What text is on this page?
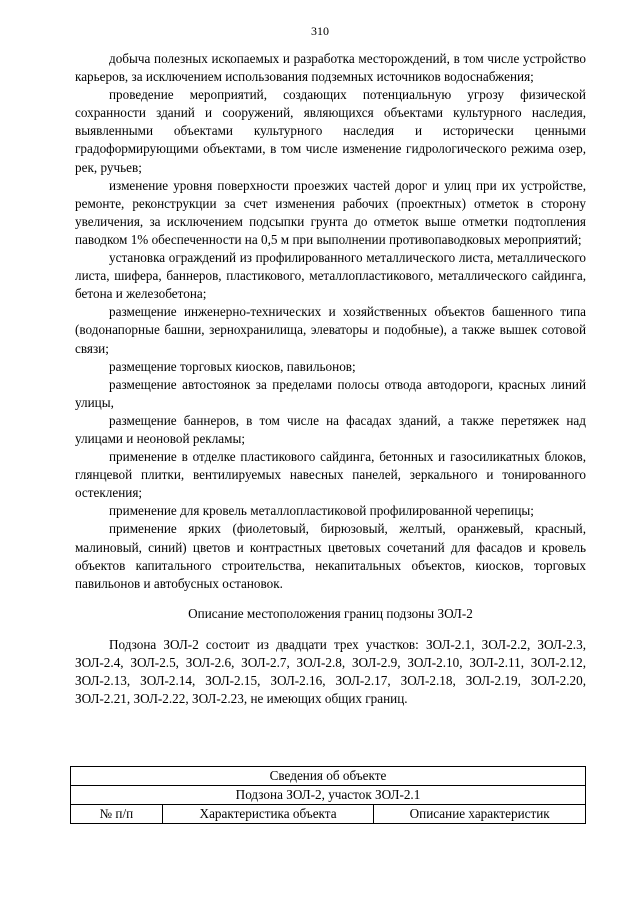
310

добыча полезных ископаемых и разработка месторождений, в том числе устройство карьеров, за исключением использования подземных источников водоснабжения;

проведение мероприятий, создающих потенциальную угрозу физической сохранности зданий и сооружений, являющихся объектами культурного наследия, выявленными объектами культурного наследия и исторически ценными градоформирующими объектами, в том числе изменение гидрологического режима озер, рек, ручьев;

изменение уровня поверхности проезжих частей дорог и улиц при их устройстве, ремонте, реконструкции за счет изменения рабочих (проектных) отметок в сторону увеличения, за исключением подсыпки грунта до отметок выше отметки подтопления паводком 1% обеспеченности на 0,5 м при выполнении противопаводковых мероприятий;

установка ограждений из профилированного металлического листа, металлического листа, шифера, баннеров, пластикового, металлопластикового, металлического сайдинга, бетона и железобетона;

размещение инженерно-технических и хозяйственных объектов башенного типа (водонапорные башни, зернохранилища, элеваторы и подобные), а также вышек сотовой связи;

размещение торговых киосков, павильонов;

размещение автостоянок за пределами полосы отвода автодороги, красных линий улицы,

размещение баннеров, в том числе на фасадах зданий, а также перетяжек над улицами и неоновой рекламы;

применение в отделке пластикового сайдинга, бетонных и газосиликатных блоков, глянцевой плитки, вентилируемых навесных панелей, зеркального и тонированного остекления;

применение для кровель металлопластиковой профилированной черепицы;

применение ярких (фиолетовый, бирюзовый, желтый, оранжевый, красный, малиновый, синий) цветов и контрастных цветовых сочетаний для фасадов и кровель объектов капитального строительства, некапитальных объектов, киосков, торговых павильонов и автобусных остановок.

Описание местоположения границ подзоны ЗОЛ-2

Подзона ЗОЛ-2 состоит из двадцати трех участков: ЗОЛ-2.1, ЗОЛ-2.2, ЗОЛ-2.3, ЗОЛ-2.4, ЗОЛ-2.5, ЗОЛ-2.6, ЗОЛ-2.7, ЗОЛ-2.8, ЗОЛ-2.9, ЗОЛ-2.10, ЗОЛ-2.11, ЗОЛ-2.12, ЗОЛ-2.13, ЗОЛ-2.14, ЗОЛ-2.15, ЗОЛ-2.16, ЗОЛ-2.17, ЗОЛ-2.18, ЗОЛ-2.19, ЗОЛ-2.20, ЗОЛ-2.21, ЗОЛ-2.22, ЗОЛ-2.23, не имеющих общих границ.

Сведения об объекте
Подзона ЗОЛ-2, участок ЗОЛ-2.1
№ п/п	Характеристика объекта	Описание характеристик
